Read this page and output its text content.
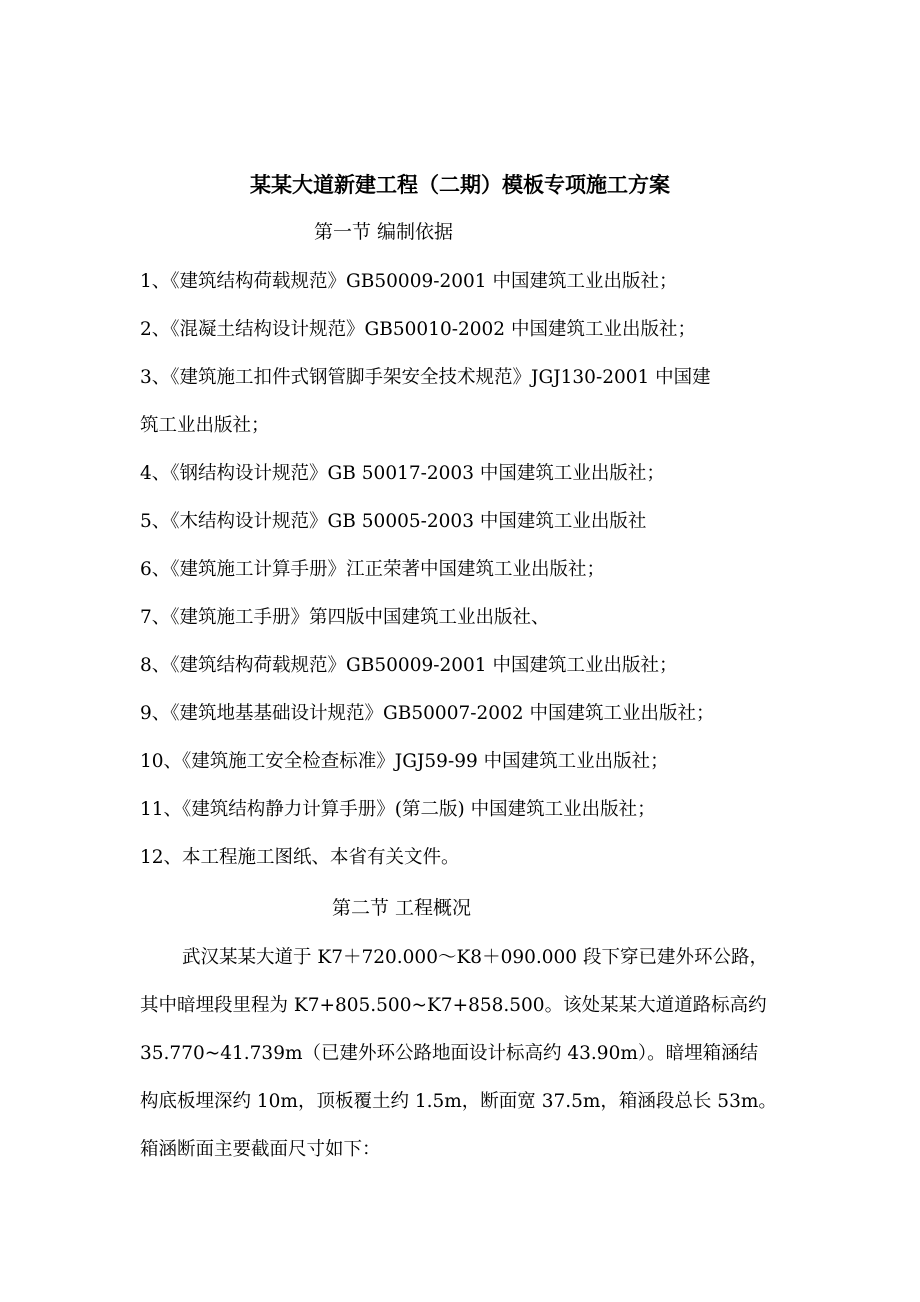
某某大道新建工程（二期）模板专项施工方案
第一节 编制依据
1、《建筑结构荷载规范》GB50009-2001 中国建筑工业出版社；
2、《混凝土结构设计规范》GB50010-2002 中国建筑工业出版社；
3、《建筑施工扣件式钢管脚手架安全技术规范》JGJ130-2001 中国建
筑工业出版社；
4、《钢结构设计规范》GB 50017-2003 中国建筑工业出版社；
5、《木结构设计规范》GB 50005-2003 中国建筑工业出版社
6、《建筑施工计算手册》江正荣著中国建筑工业出版社；
7、《建筑施工手册》第四版中国建筑工业出版社、
8、《建筑结构荷载规范》GB50009-2001 中国建筑工业出版社；
9、《建筑地基基础设计规范》GB50007-2002 中国建筑工业出版社；
10、《建筑施工安全检查标准》JGJ59-99 中国建筑工业出版社；
11、《建筑结构静力计算手册》(第二版) 中国建筑工业出版社；
12、本工程施工图纸、本省有关文件。
第二节 工程概况
武汉某某大道于 K7＋720.000～K8＋090.000 段下穿已建外环公路，
其中暗埋段里程为 K7+805.500~K7+858.500。该处某某大道道路标高约
35.770~41.739m（已建外环公路地面设计标高约 43.90m）。暗埋箱涵结
构底板埋深约 10m，顶板覆土约 1.5m，断面宽 37.5m，箱涵段总长 53m。
箱涵断面主要截面尺寸如下：
